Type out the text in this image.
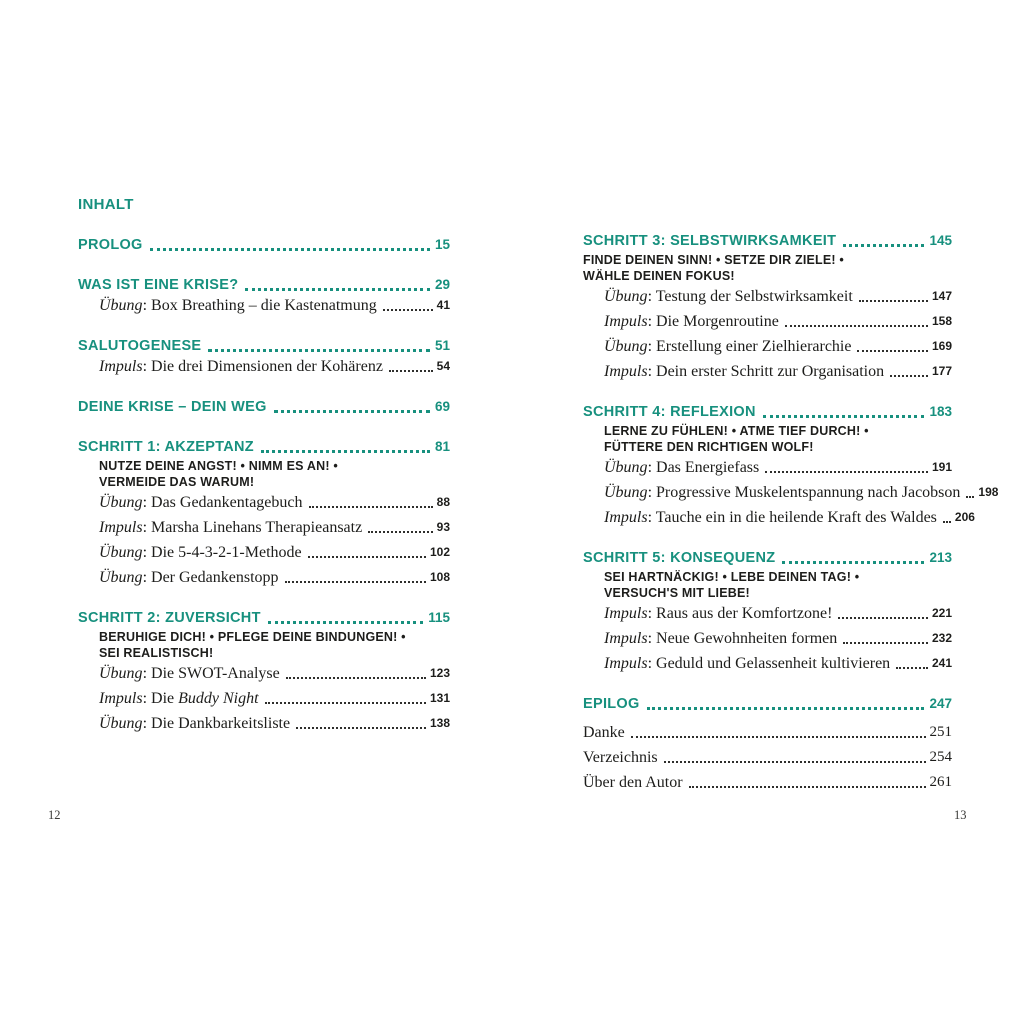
INHALT
PROLOG	15
WAS IST EINE KRISE?	29
Übung: Box Breathing – die Kastenatmung	41
SALUTOGENESE	51
Impuls: Die drei Dimensionen der Kohärenz	54
DEINE KRISE – DEIN WEG	69
SCHRITT 1: AKZEPTANZ	81
NUTZE DEINE ANGST! • NIMM ES AN! •
VERMEIDE DAS WARUM!
Übung: Das Gedankentagebuch	88
Impuls: Marsha Linehans Therapieansatz	93
Übung: Die 5-4-3-2-1-Methode	102
Übung: Der Gedankenstopp	108
SCHRITT 2: ZUVERSICHT	115
BERUHIGE DICH! • PFLEGE DEINE BINDUNGEN! •
SEI REALISTISCH!
Übung: Die SWOT-Analyse	123
Impuls: Die Buddy Night	131
Übung: Die Dankbarkeitsliste	138
SCHRITT 3: SELBSTWIRKSAMKEIT	145
FINDE DEINEN SINN! • SETZE DIR ZIELE! •
WÄHLE DEINEN FOKUS!
Übung: Testung der Selbstwirksamkeit	147
Impuls: Die Morgenroutine	158
Übung: Erstellung einer Zielhierarchie	169
Impuls: Dein erster Schritt zur Organisation	177
SCHRITT 4: REFLEXION	183
LERNE ZU FÜHLEN! • ATME TIEF DURCH! •
FÜTTERE DEN RICHTIGEN WOLF!
Übung: Das Energiefass	191
Übung: Progressive Muskelentspannung nach Jacobson 198
Impuls: Tauche ein in die heilende Kraft des Waldes 206
SCHRITT 5: KONSEQUENZ	213
SEI HARTNÄCKIG! • LEBE DEINEN TAG! •
VERSUCH'S MIT LIEBE!
Impuls: Raus aus der Komfortzone!	221
Impuls: Neue Gewohnheiten formen	232
Impuls: Geduld und Gelassenheit kultivieren	241
EPILOG	247
Danke	251
Verzeichnis	254
Über den Autor	261
12	13
